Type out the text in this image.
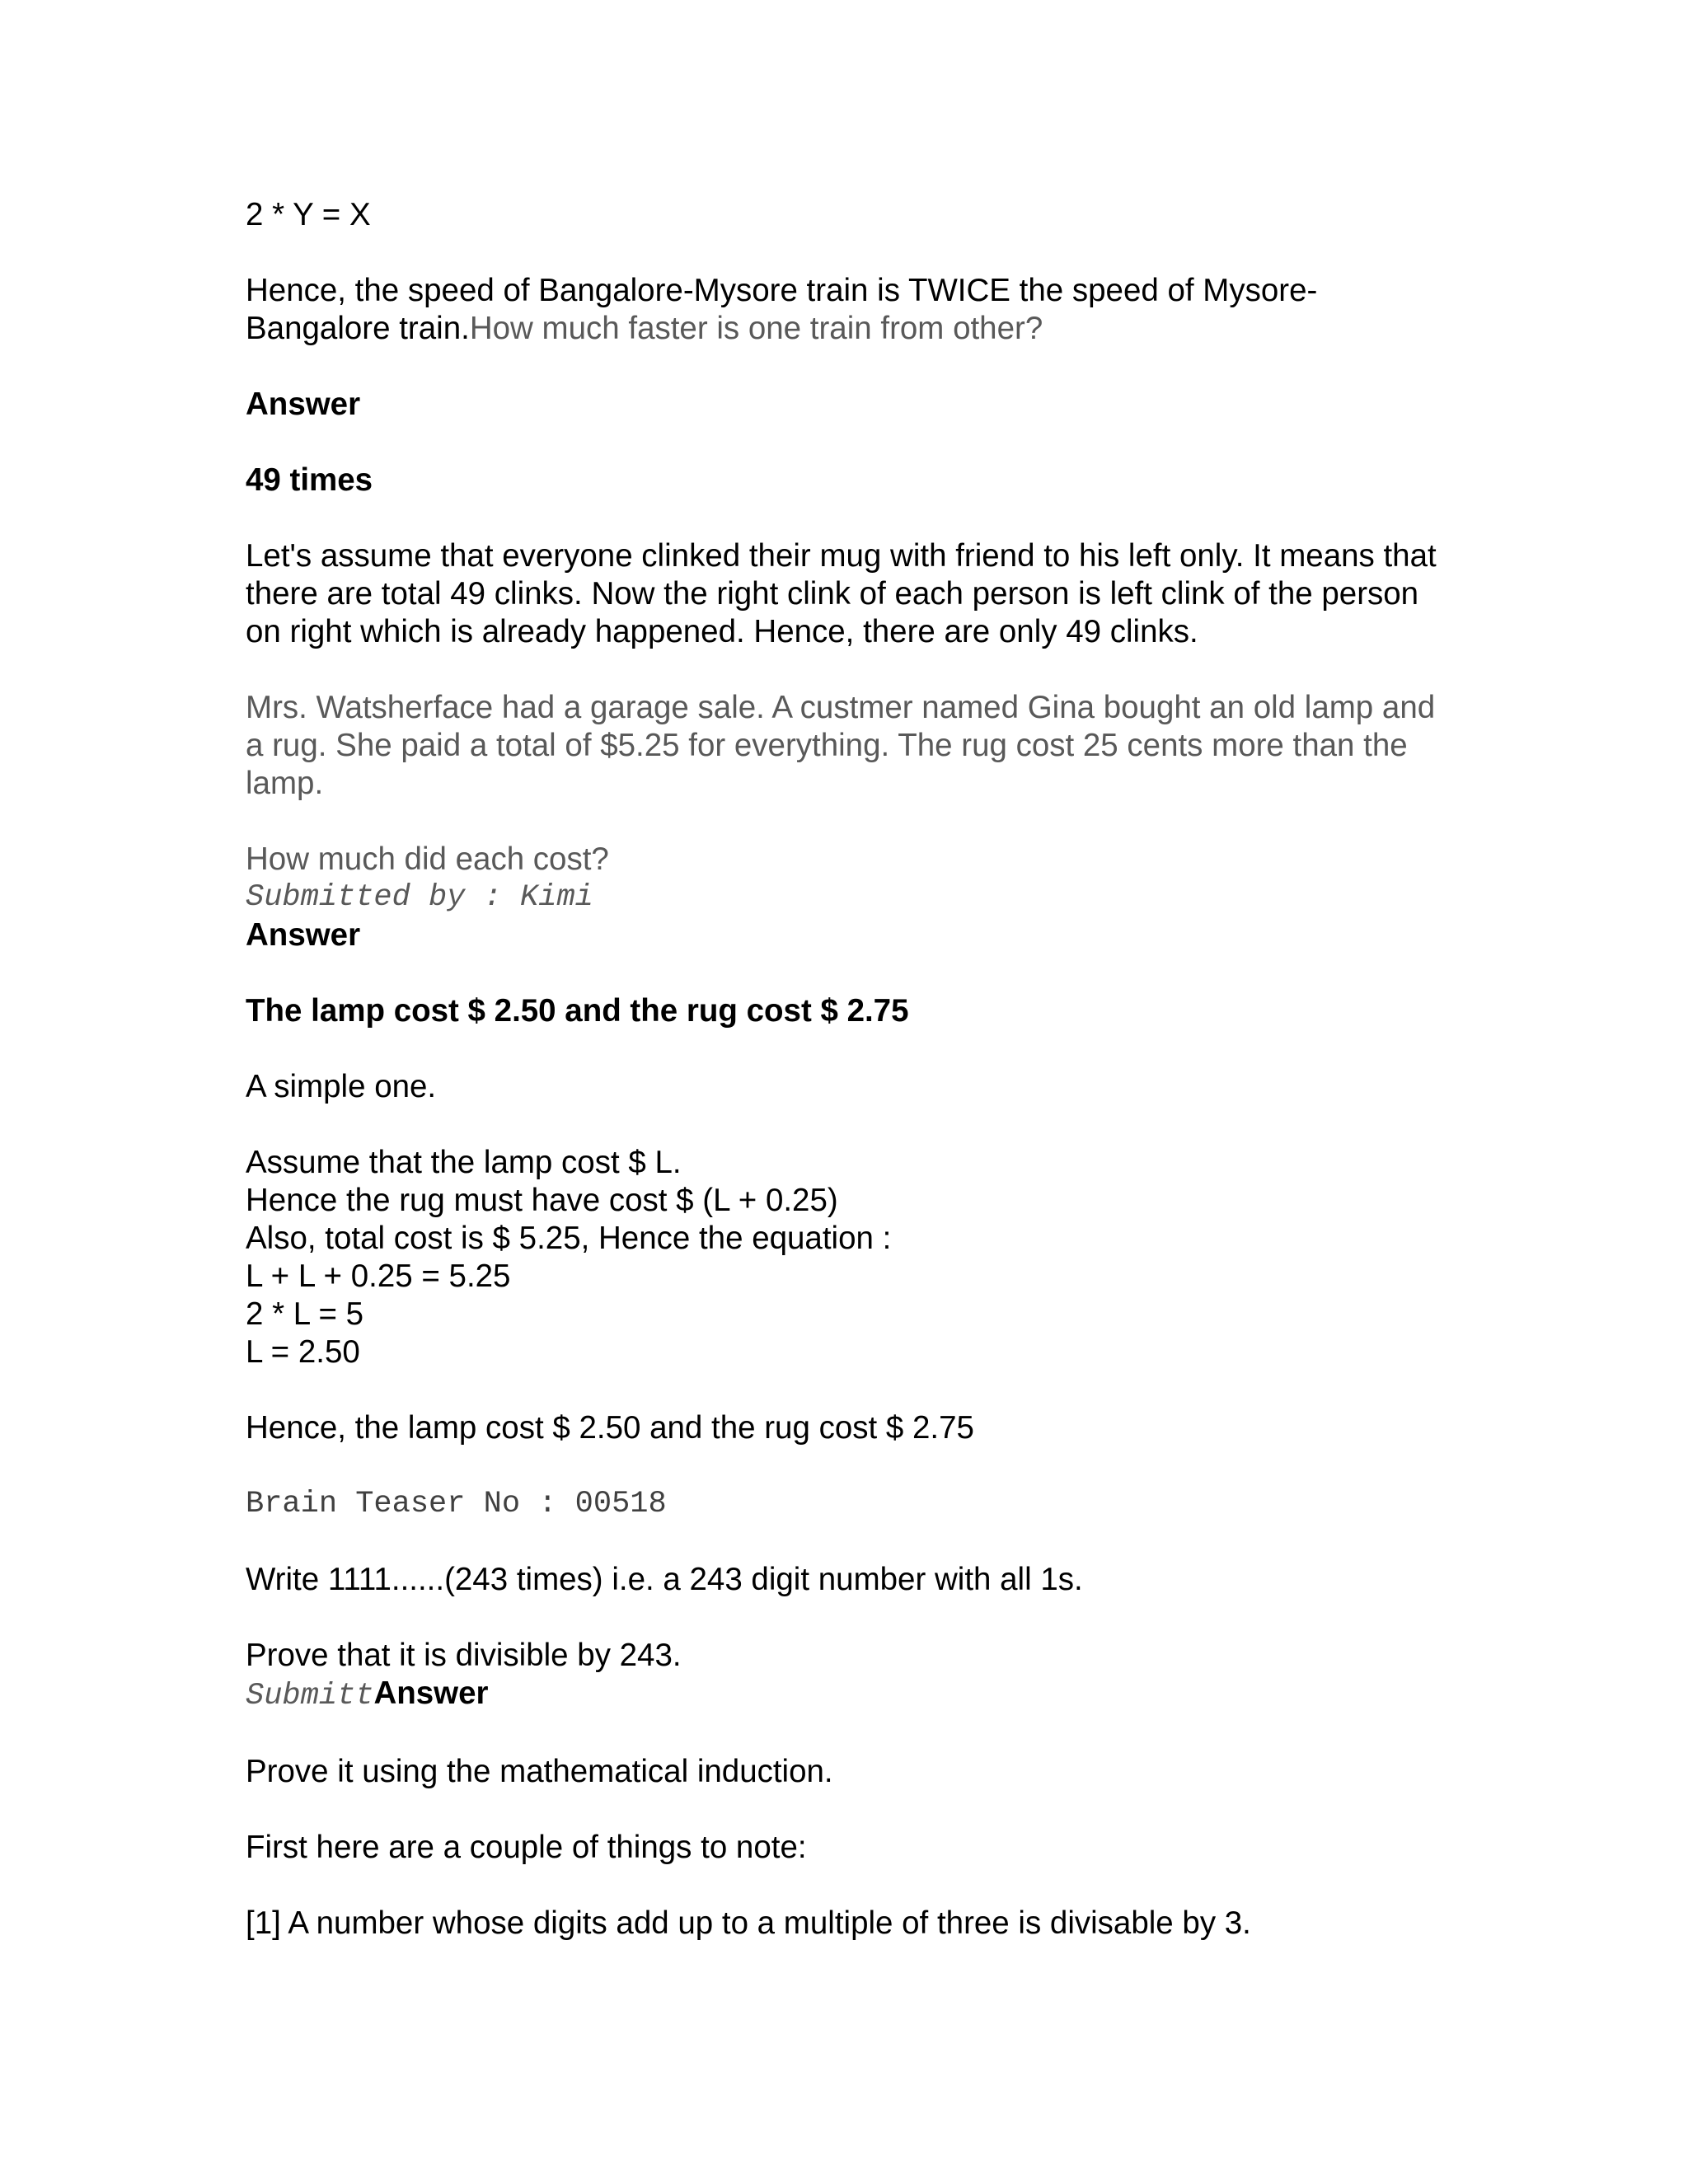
2 * Y = X

Hence, the speed of Bangalore-Mysore train is TWICE the speed of Mysore-Bangalore train.How much faster is one train from other?

Answer

49 times

Let's assume that everyone clinked their mug with friend to his left only. It means that there are total 49 clinks. Now the right clink of each person is left clink of the person on right which is already happened. Hence, there are only 49 clinks.

Mrs. Watsherface had a garage sale. A custmer named Gina bought an old lamp and a rug. She paid a total of $5.25 for everything. The rug cost 25 cents more than the lamp.

How much did each cost?

Submitted by : Kimi

Answer

The lamp cost $ 2.50 and the rug cost $ 2.75

A simple one.

Assume that the lamp cost $ L.
Hence the rug must have cost $ (L + 0.25)
Also, total cost is $ 5.25, Hence the equation :
L + L + 0.25 = 5.25
2 * L = 5
L = 2.50

Hence, the lamp cost $ 2.50 and the rug cost $ 2.75

Brain Teaser No : 00518

Write 1111......(243 times) i.e. a 243 digit number with all 1s.

Prove that it is divisible by 243.

SubmittAnswer

Prove it using the mathematical induction.

First here are a couple of things to note:

[1] A number whose digits add up to a multiple of three is divisable by 3.
